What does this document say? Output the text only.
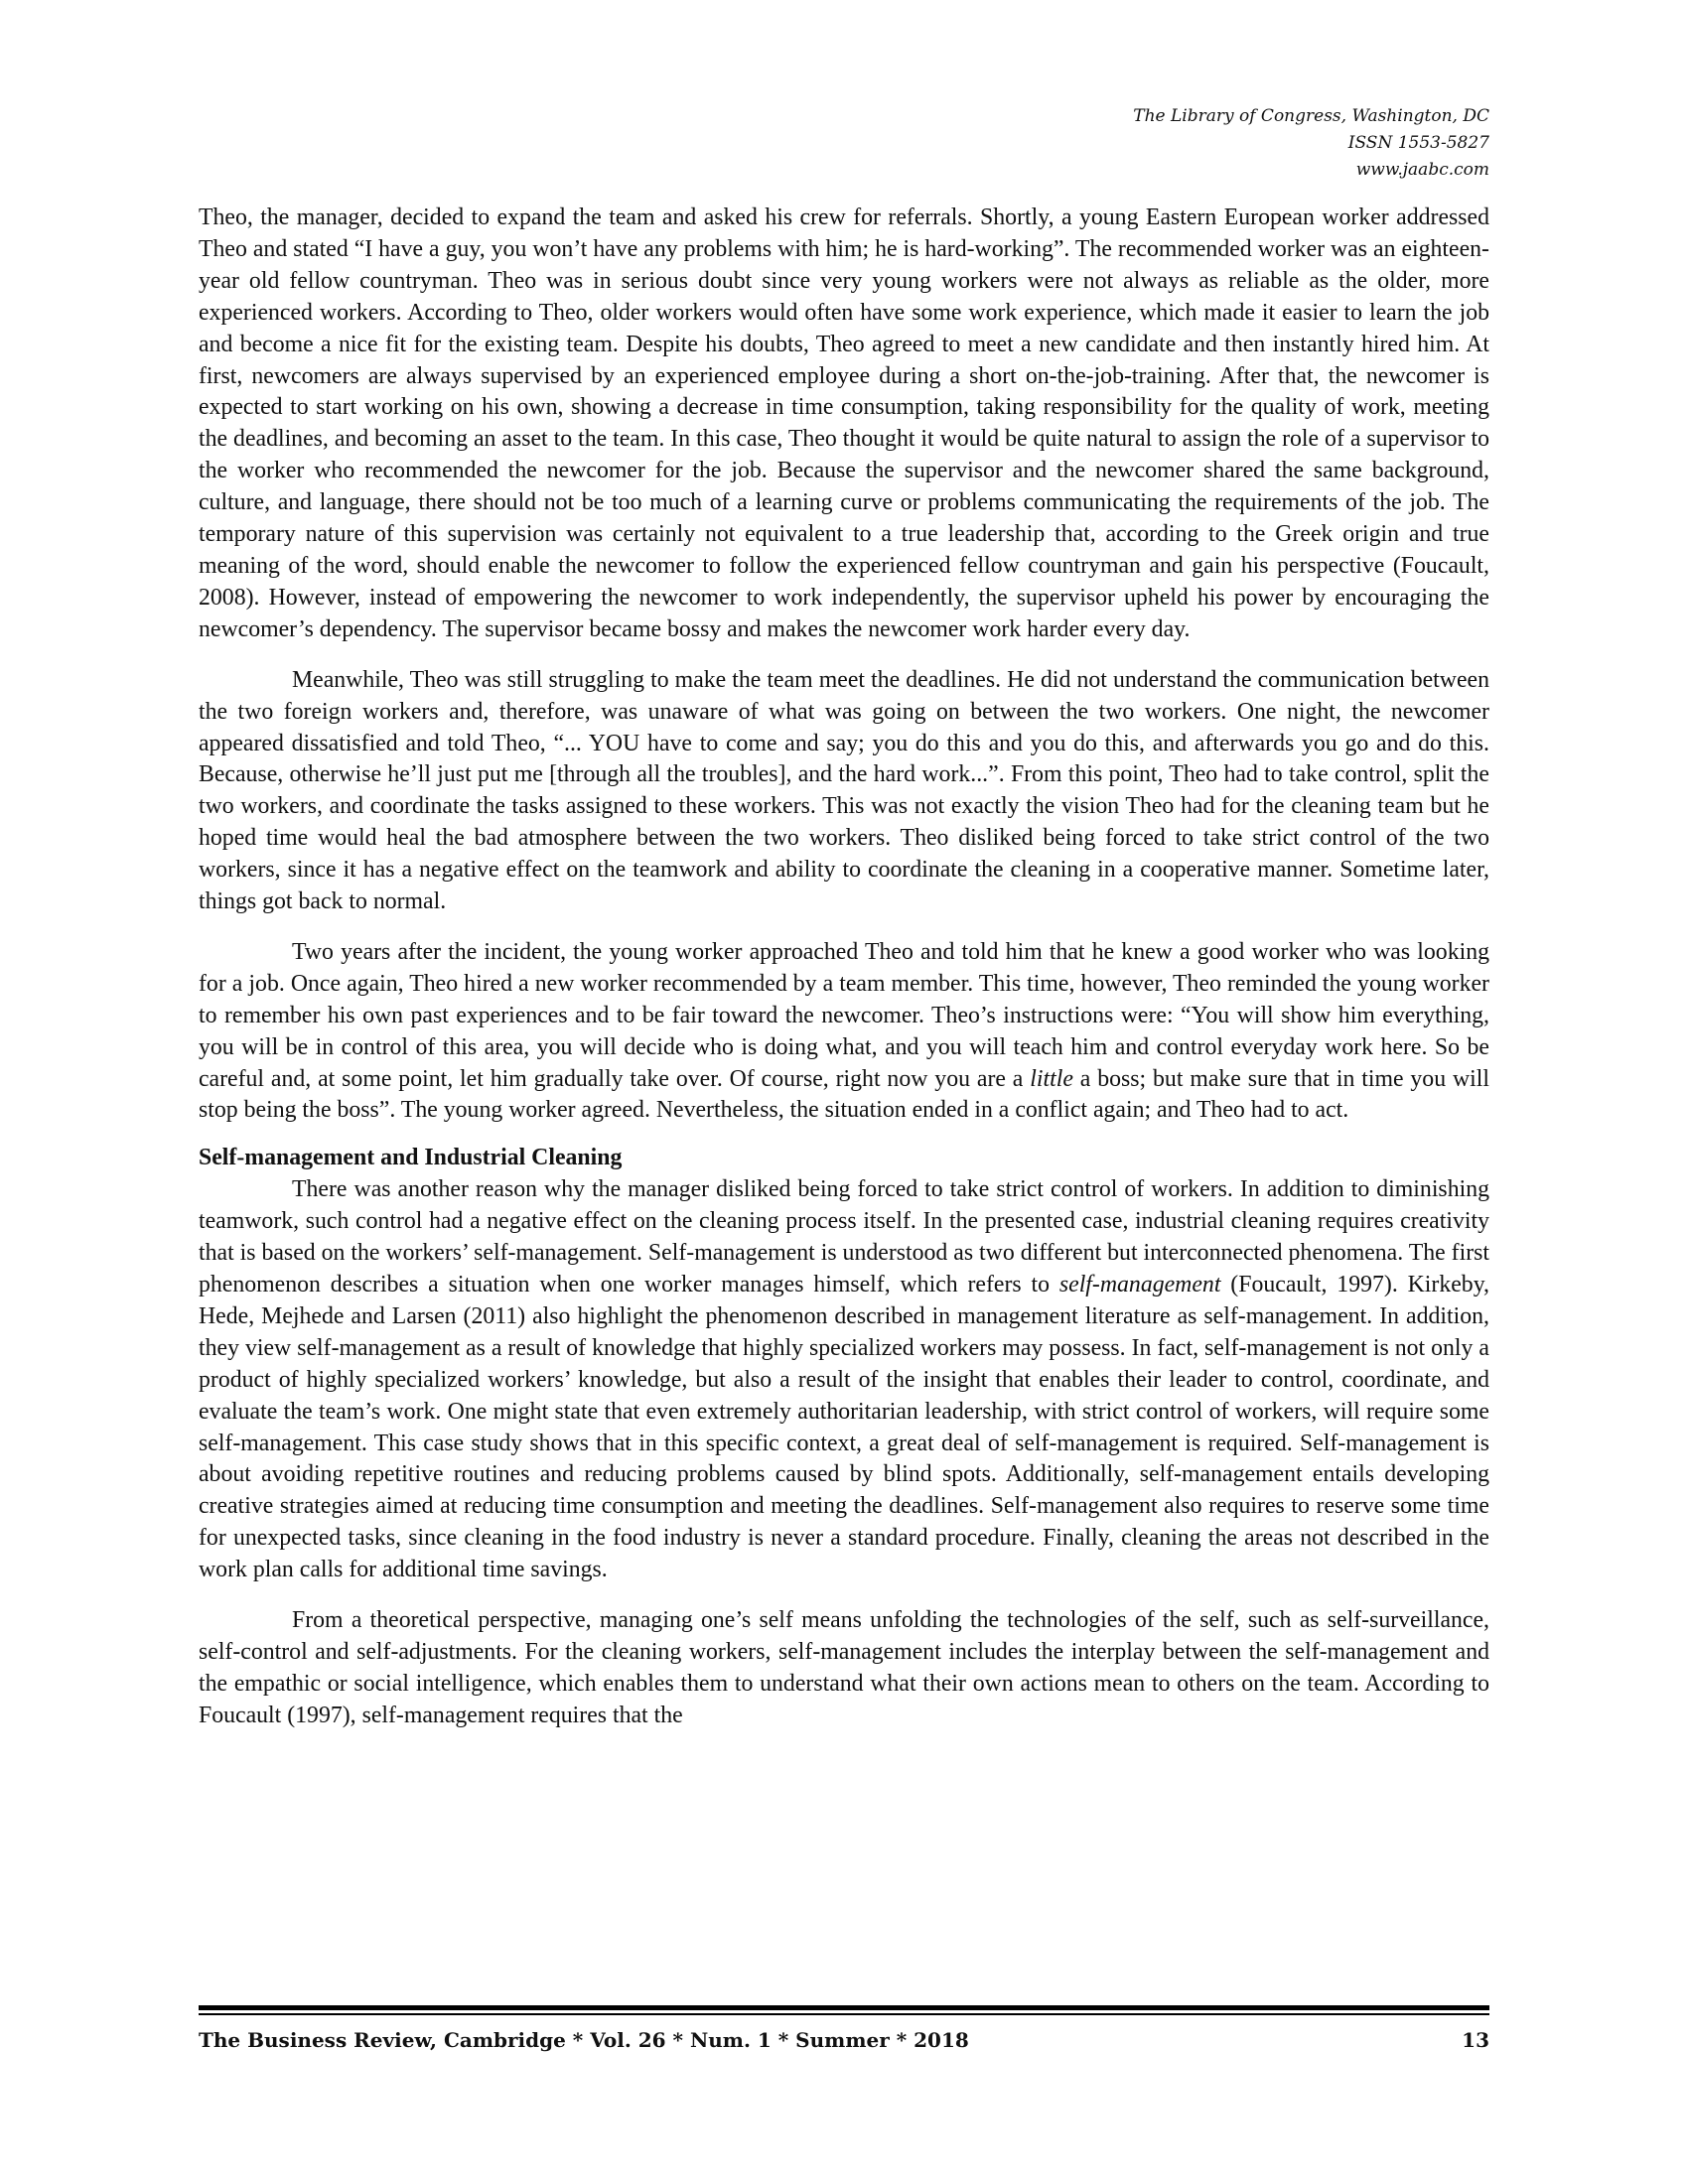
The Library of Congress, Washington, DC
ISSN 1553-5827
www.jaabc.com

Theo, the manager, decided to expand the team and asked his crew for referrals. Shortly, a young Eastern European worker addressed Theo and stated “I have a guy, you won’t have any problems with him; he is hard-working”. The recommended worker was an eighteen-year old fellow countryman. Theo was in serious doubt since very young workers were not always as reliable as the older, more experienced workers. According to Theo, older workers would often have some work experience, which made it easier to learn the job and become a nice fit for the existing team. Despite his doubts, Theo agreed to meet a new candidate and then instantly hired him. At first, newcomers are always supervised by an experienced employee during a short on-the-job-training. After that, the newcomer is expected to start working on his own, showing a decrease in time consumption, taking responsibility for the quality of work, meeting the deadlines, and becoming an asset to the team. In this case, Theo thought it would be quite natural to assign the role of a supervisor to the worker who recommended the newcomer for the job. Because the supervisor and the newcomer shared the same background, culture, and language, there should not be too much of a learning curve or problems communicating the requirements of the job. The temporary nature of this supervision was certainly not equivalent to a true leadership that, according to the Greek origin and true meaning of the word, should enable the newcomer to follow the experienced fellow countryman and gain his perspective (Foucault, 2008). However, instead of empowering the newcomer to work independently, the supervisor upheld his power by encouraging the newcomer’s dependency. The supervisor became bossy and makes the newcomer work harder every day.

Meanwhile, Theo was still struggling to make the team meet the deadlines. He did not understand the communication between the two foreign workers and, therefore, was unaware of what was going on between the two workers. One night, the newcomer appeared dissatisfied and told Theo, “... YOU have to come and say; you do this and you do this, and afterwards you go and do this. Because, otherwise he’ll just put me [through all the troubles], and the hard work...”. From this point, Theo had to take control, split the two workers, and coordinate the tasks assigned to these workers. This was not exactly the vision Theo had for the cleaning team but he hoped time would heal the bad atmosphere between the two workers. Theo disliked being forced to take strict control of the two workers, since it has a negative effect on the teamwork and ability to coordinate the cleaning in a cooperative manner. Sometime later, things got back to normal.

Two years after the incident, the young worker approached Theo and told him that he knew a good worker who was looking for a job. Once again, Theo hired a new worker recommended by a team member. This time, however, Theo reminded the young worker to remember his own past experiences and to be fair toward the newcomer. Theo’s instructions were: “You will show him everything, you will be in control of this area, you will decide who is doing what, and you will teach him and control everyday work here. So be careful and, at some point, let him gradually take over. Of course, right now you are a little a boss; but make sure that in time you will stop being the boss”. The young worker agreed. Nevertheless, the situation ended in a conflict again; and Theo had to act.

Self-management and Industrial Cleaning

There was another reason why the manager disliked being forced to take strict control of workers. In addition to diminishing teamwork, such control had a negative effect on the cleaning process itself. In the presented case, industrial cleaning requires creativity that is based on the workers’ self-management. Self-management is understood as two different but interconnected phenomena. The first phenomenon describes a situation when one worker manages himself, which refers to self-management (Foucault, 1997). Kirkeby, Hede, Mejhede and Larsen (2011) also highlight the phenomenon described in management literature as self-management. In addition, they view self-management as a result of knowledge that highly specialized workers may possess. In fact, self-management is not only a product of highly specialized workers’ knowledge, but also a result of the insight that enables their leader to control, coordinate, and evaluate the team’s work. One might state that even extremely authoritarian leadership, with strict control of workers, will require some self-management. This case study shows that in this specific context, a great deal of self-management is required. Self-management is about avoiding repetitive routines and reducing problems caused by blind spots. Additionally, self-management entails developing creative strategies aimed at reducing time consumption and meeting the deadlines. Self-management also requires to reserve some time for unexpected tasks, since cleaning in the food industry is never a standard procedure. Finally, cleaning the areas not described in the work plan calls for additional time savings.

From a theoretical perspective, managing one’s self means unfolding the technologies of the self, such as self-surveillance, self-control and self-adjustments. For the cleaning workers, self-management includes the interplay between the self-management and the empathic or social intelligence, which enables them to understand what their own actions mean to others on the team. According to Foucault (1997), self-management requires that the

The Business Review, Cambridge * Vol. 26 * Num. 1 * Summer * 2018	13
